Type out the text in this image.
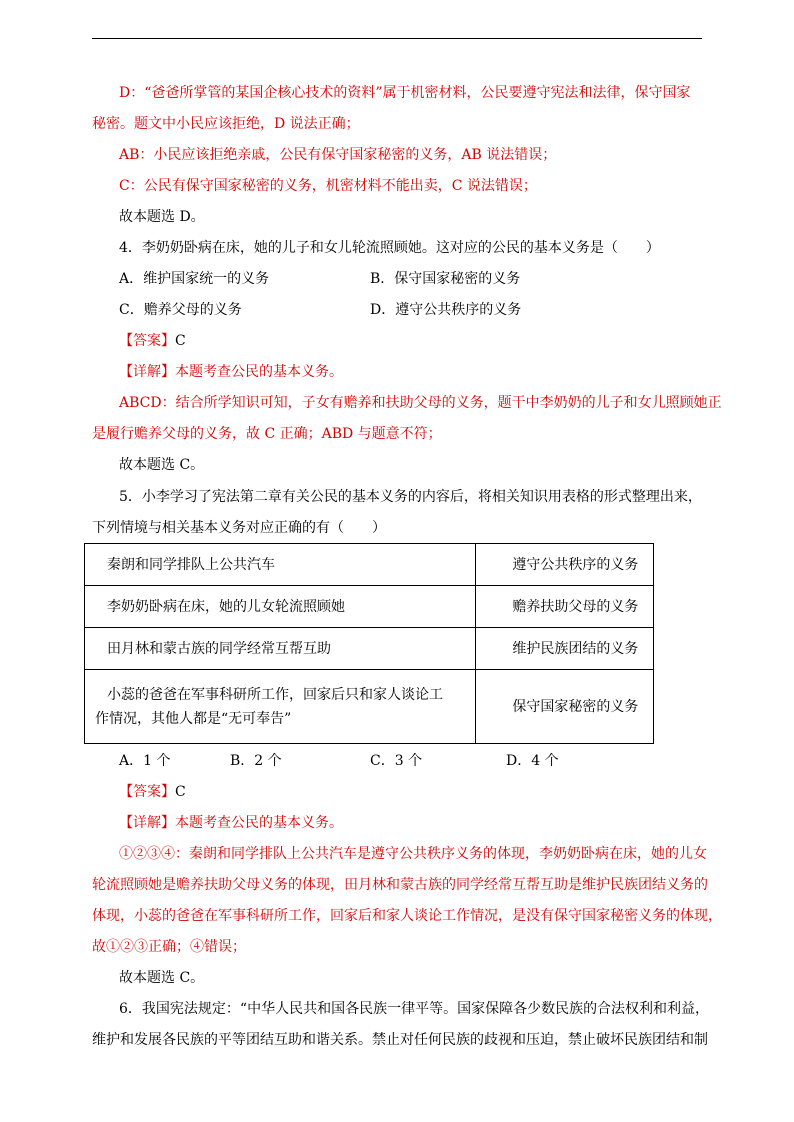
D：“爸爸所掌管的某国企核心技术的资料”属于机密材料，公民要遵守宪法和法律，保守国家
秘密。题文中小民应该拒绝，D 说法正确；
AB：小民应该拒绝亲戚，公民有保守国家秘密的义务，AB 说法错误；
C：公民有保守国家秘密的义务，机密材料不能出卖，C 说法错误；
故本题选 D。
4．李奶奶卧病在床，她的儿子和女儿轮流照顾她。这对应的公民的基本义务是（　　）
A．维护国家统一的义务	B．保守国家秘密的义务
C．赡养父母的义务	D．遵守公共秩序的义务
【答案】C
【详解】本题考查公民的基本义务。
ABCD：结合所学知识可知，子女有赡养和扶助父母的义务，题干中李奶奶的儿子和女儿照顾她正
是履行赡养父母的义务，故 C 正确；ABD 与题意不符；
故本题选 C。
5．小李学习了宪法第二章有关公民的基本义务的内容后，将相关知识用表格的形式整理出来，
下列情境与相关基本义务对应正确的有（　　）
秦朗和同学排队上公共汽车	遵守公共秩序的义务
李奶奶卧病在床，她的儿女轮流照顾她	赡养扶助父母的义务
田月林和蒙古族的同学经常互帮互助	维护民族团结的义务

小蕊的爸爸在军事科研所工作，回家后只和家人谈论工
作情况，其他人都是“无可奉告”	保守国家秘密的义务
A．1 个	B．2 个	C．3 个	D．4 个
【答案】C
【详解】本题考查公民的基本义务。
①②③④：秦朗和同学排队上公共汽车是遵守公共秩序义务的体现，李奶奶卧病在床，她的儿女
轮流照顾她是赡养扶助父母义务的体现，田月林和蒙古族的同学经常互帮互助是维护民族团结义务的
体现，小蕊的爸爸在军事科研所工作，回家后和家人谈论工作情况，是没有保守国家秘密义务的体现，
故①②③正确；④错误；
故本题选 C。
6．我国宪法规定：“中华人民共和国各民族一律平等。国家保障各少数民族的合法权利和利益，
维护和发展各民族的平等团结互助和谐关系。禁止对任何民族的歧视和压迫，禁止破坏民族团结和制
